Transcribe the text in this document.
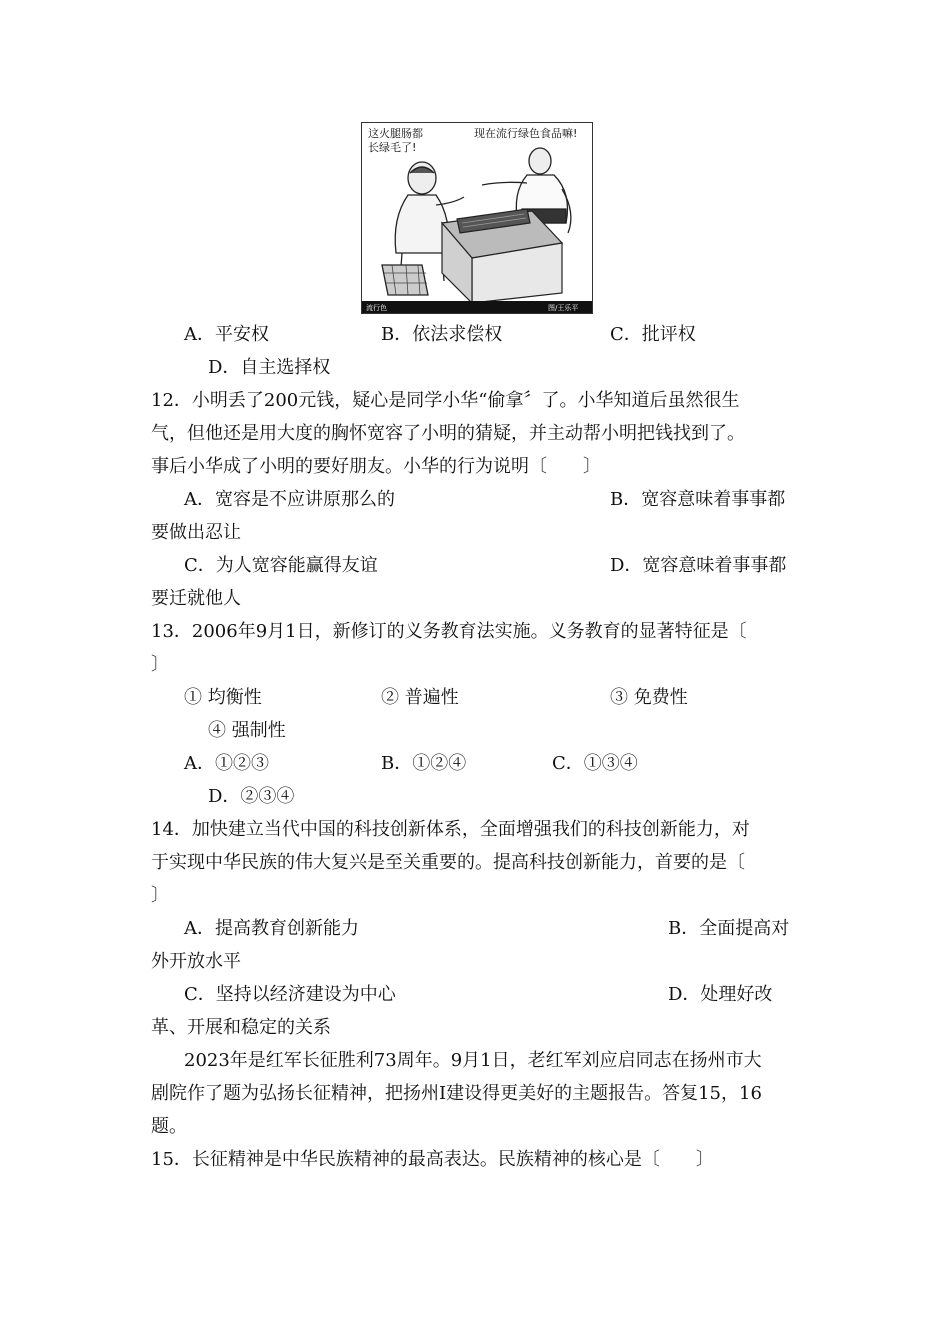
这火腿肠都
长绿毛了!
现在流行绿色食品嘛!
流行色	图/王乐平
A．平安权	B．依法求偿权	C．批评权
D．自主选择权
12．小明丢了200元钱，疑心是同学小华“偷拿〞了。小华知道后虽然很生
气，但他还是用大度的胸怀宽容了小明的猜疑，并主动帮小明把钱找到了。
事后小华成了小明的要好朋友。小华的行为说明〔　　〕
A．宽容是不应讲原那么的	B．宽容意味着事事都
要做出忍让
C．为人宽容能赢得友谊	D．宽容意味着事事都
要迁就他人
13．2006年9月1日，新修订的义务教育法实施。义务教育的显著特征是〔
〕
① 均衡性	② 普遍性	③ 免费性
④ 强制性
A．①②③	B．①②④	C．①③④
D．②③④
14．加快建立当代中国的科技创新体系，全面增强我们的科技创新能力，对
于实现中华民族的伟大复兴是至关重要的。提高科技创新能力，首要的是〔
〕
A．提高教育创新能力	B．全面提高对
外开放水平
C．坚持以经济建设为中心	D．处理好改
革、开展和稳定的关系
2023年是红军长征胜利73周年。9月1日，老红军刘应启同志在扬州市大
剧院作了题为弘扬长征精神，把扬州Ⅰ建设得更美好的主题报告。答复15，16
题。
15．长征精神是中华民族精神的最高表达。民族精神的核心是〔　　〕
